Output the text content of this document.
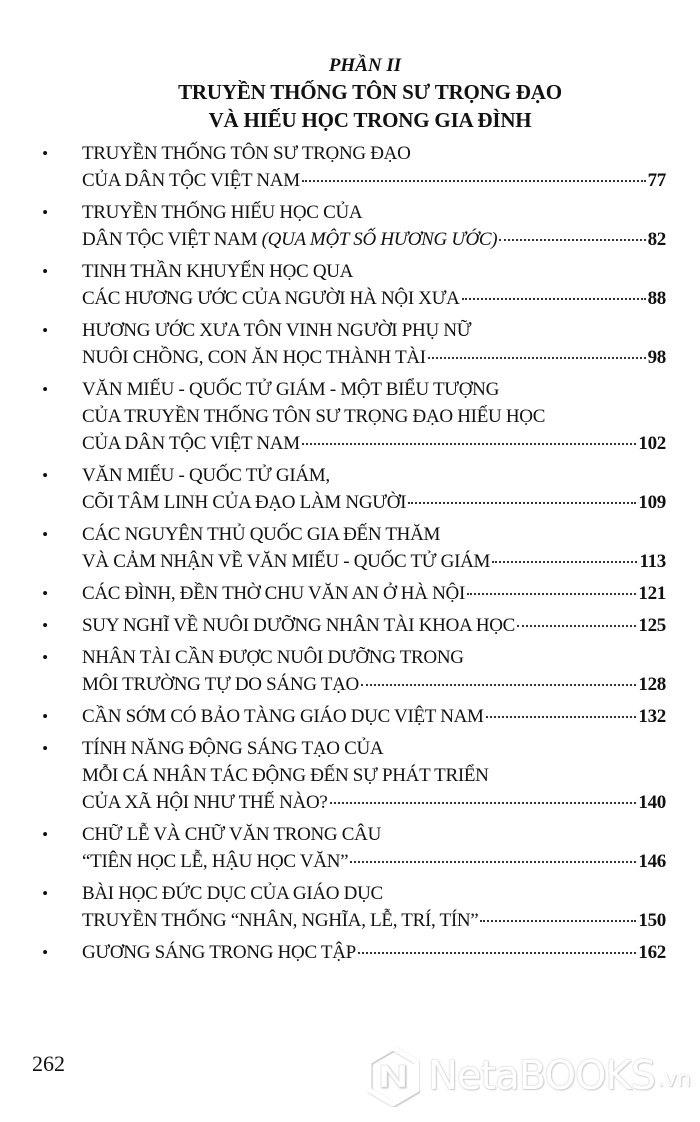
PHẦN II
TRUYỀN THỐNG TÔN SƯ TRỌNG ĐẠO
VÀ HIẾU HỌC TRONG GIA ĐÌNH
•	TRUYỀN THỐNG TÔN SƯ TRỌNG ĐẠO
CỦA DÂN TỘC VIỆT NAM	77
•	TRUYỀN THỐNG HIẾU HỌC CỦA
DÂN TỘC VIỆT NAM (QUA MỘT SỐ HƯƠNG ƯỚC)	82
•	TINH THẦN KHUYẾN HỌC QUA
CÁC HƯƠNG ƯỚC CỦA NGƯỜI HÀ NỘI XƯA	88
•	HƯƠNG ƯỚC XƯA TÔN VINH NGƯỜI PHỤ NỮ
NUÔI CHỒNG, CON ĂN HỌC THÀNH TÀI	98
•	VĂN MIẾU - QUỐC TỬ GIÁM - MỘT BIỂU TƯỢNG
CỦA TRUYỀN THỐNG TÔN SƯ TRỌNG ĐẠO HIẾU HỌC
CỦA DÂN TỘC VIỆT NAM	102
•	VĂN MIẾU - QUỐC TỬ GIÁM,
CÕI TÂM LINH CỦA ĐẠO LÀM NGƯỜI	109
•	CÁC NGUYÊN THỦ QUỐC GIA ĐẾN THĂM
VÀ CẢM NHẬN VỀ VĂN MIẾU - QUỐC TỬ GIÁM	113
•	CÁC ĐÌNH, ĐỀN THỜ CHU VĂN AN Ở HÀ NỘI	121
•	SUY NGHĨ VỀ NUÔI DƯỠNG NHÂN TÀI KHOA HỌC	125
•	NHÂN TÀI CẦN ĐƯỢC NUÔI DƯỠNG TRONG
MÔI TRƯỜNG TỰ DO SÁNG TẠO	128
•	CẦN SỚM CÓ BẢO TÀNG GIÁO DỤC VIỆT NAM	132
•	TÍNH NĂNG ĐỘNG SÁNG TẠO CỦA
MỖI CÁ NHÂN TÁC ĐỘNG ĐẾN SỰ PHÁT TRIỂN
CỦA XÃ HỘI NHƯ THẾ NÀO?	140
•	CHỮ LỄ VÀ CHỮ VĂN TRONG CÂU
“TIÊN HỌC LỄ, HẬU HỌC VĂN”	146
•	BÀI HỌC ĐỨC DỤC CỦA GIÁO DỤC
TRUYỀN THỐNG “NHÂN, NGHĨA, LỄ, TRÍ, TÍN”	150
•	GƯƠNG SÁNG TRONG HỌC TẬP	162
262	NetaBOOKS .vn
